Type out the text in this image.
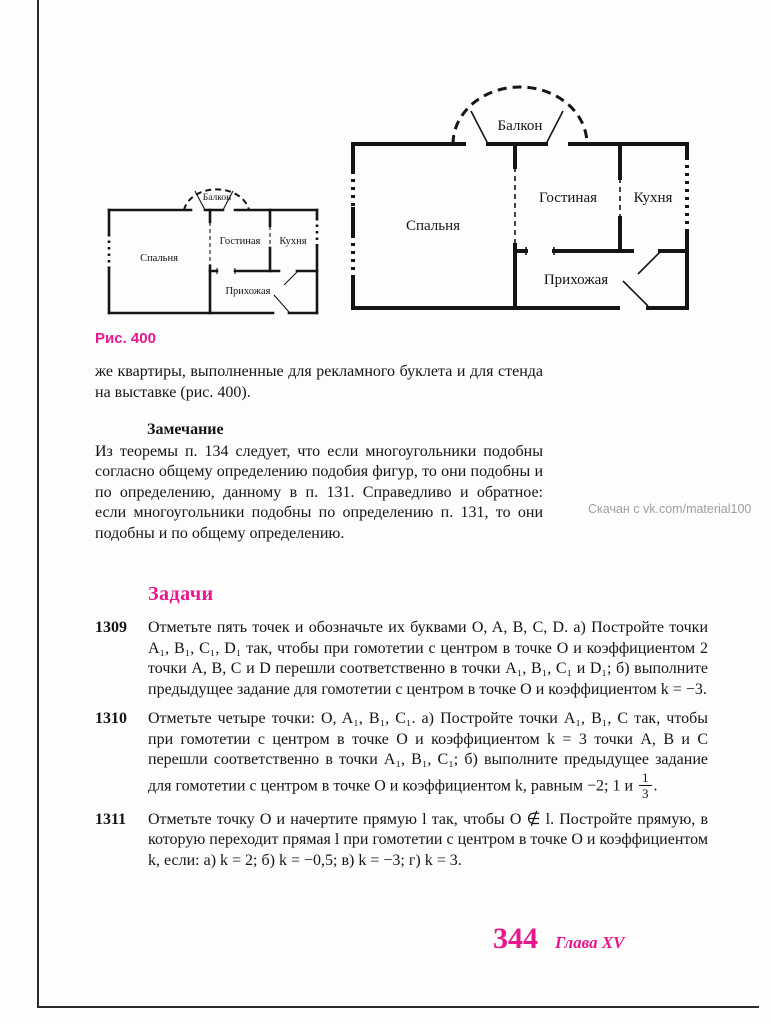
Балкон
Спальня
Гостиная Кухня
Прихожая
Балкон
Спальня
Гостиная Кухня
Прихожая
Рис. 400

же квартиры, выполненные для рекламного буклета и для стенда на выставке (рис. 400).

Замечание

Из теоремы п. 134 следует, что если многоугольники подобны согласно общему определению подобия фигур, то они подобны и по определению, данному в п. 131. Справедливо и обратное: если многоугольники подобны по определению п. 131, то они подобны и по общему определению.

Скачан с vk.com/material100
Задачи
1309	Отметьте пять точек и обозначьте их буквами O, A, B, C, D. а) Постройте точки A₁, B₁, C₁, D₁ так, чтобы при гомотетии с центром в точке O и коэффициентом 2 точки A, B, C и D перешли соответственно в точки A₁, B₁, C₁ и D₁; б) выполните предыдущее задание для гомотетии с центром в точке O и коэффициентом k = −3.
1310	Отметьте четыре точки: O, A₁, B₁, C₁. а) Постройте точки A₁, B₁, C так, чтобы при гомотетии с центром в точке O и коэффициентом k = 3 точки A, B и C перешли соответственно в точки A₁, B₁, C₁; б) выполните предыдущее задание для гомотетии с центром в точке O и коэффициентом k, равным −2; 1 и $\frac{1}{3}$ .
1311	Отметьте точку O и начертите прямую l так, чтобы O ∉ l. Постройте прямую, в которую переходит прямая l при гомотетии с центром в точке O и коэффициентом k, если: а) k = 2; б) k = −0,5; в) k = −3; г) k = 3.
344 Глава XV
